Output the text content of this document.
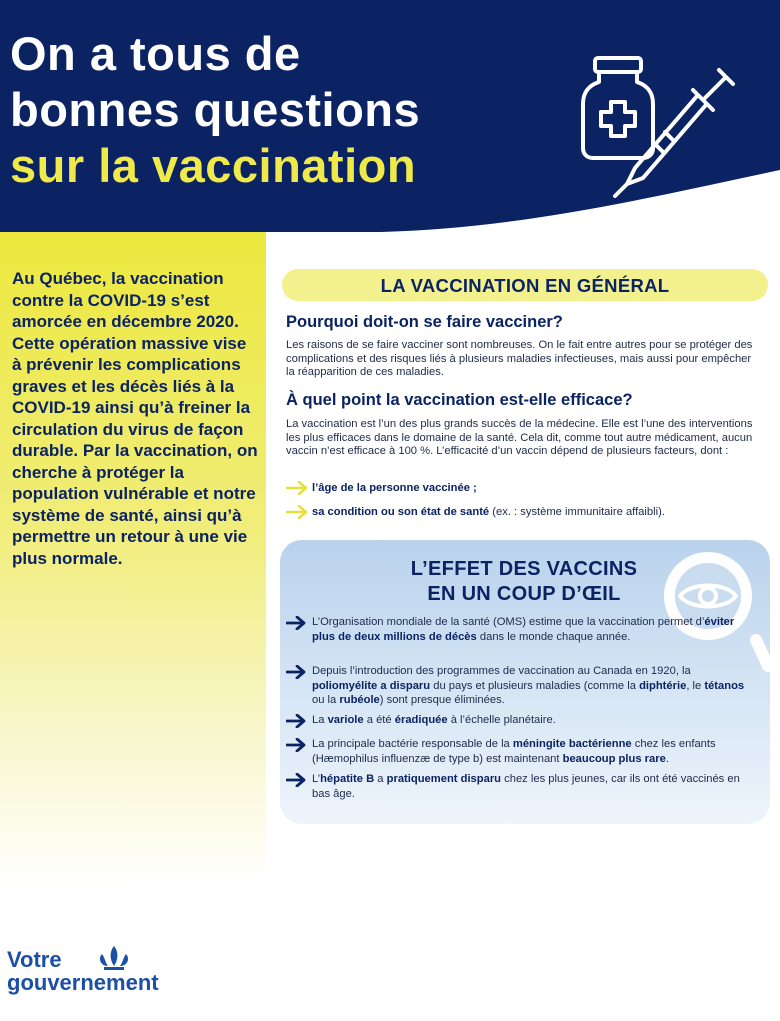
On a tous de
bonnes questions
sur la vaccination

Au Québec, la vaccination contre la COVID-19 s’est amorcée en décembre 2020. Cette opération massive vise à prévenir les complications graves et les décès liés à la COVID-19 ainsi qu’à freiner la circulation du virus de façon durable. Par la vaccination, on cherche à protéger la population vulnérable et notre système de santé, ainsi qu’à permettre un retour à une vie plus normale.

LA VACCINATION EN GÉNÉRAL
Pourquoi doit-on se faire vacciner?

Les raisons de se faire vacciner sont nombreuses. On le fait entre autres pour se protéger des complications et des risques liés à plusieurs maladies infectieuses, mais aussi pour empêcher la réapparition de ces maladies.

À quel point la vaccination est-elle efficace?

La vaccination est l’un des plus grands succès de la médecine. Elle est l’une des interventions les plus efficaces dans le domaine de la santé. Cela dit, comme tout autre médicament, aucun vaccin n’est efficace à 100 %. L’efficacité d’un vaccin dépend de plusieurs facteurs, dont :

l’âge de la personne vaccinée ;
sa condition ou son état de santé (ex. : système immunitaire affaibli).
L’EFFET DES VACCINS
EN UN COUP D’ŒIL
L’Organisation mondiale de la santé (OMS) estime que la vaccination permet d’éviter plus de deux millions de décès dans le monde chaque année.
Depuis l’introduction des programmes de vaccination au Canada en 1920, la poliomyélite a disparu du pays et plusieurs maladies (comme la diphtérie, le tétanos ou la rubéole) sont presque éliminées.
La variole a été éradiquée à l’échelle planétaire.
La principale bactérie responsable de la méningite bactérienne chez les enfants (Hæmophilus influenzæ de type b) est maintenant beaucoup plus rare.
L’hépatite B a pratiquement disparu chez les plus jeunes, car ils ont été vaccinés en bas âge.
Votre
gouvernement
